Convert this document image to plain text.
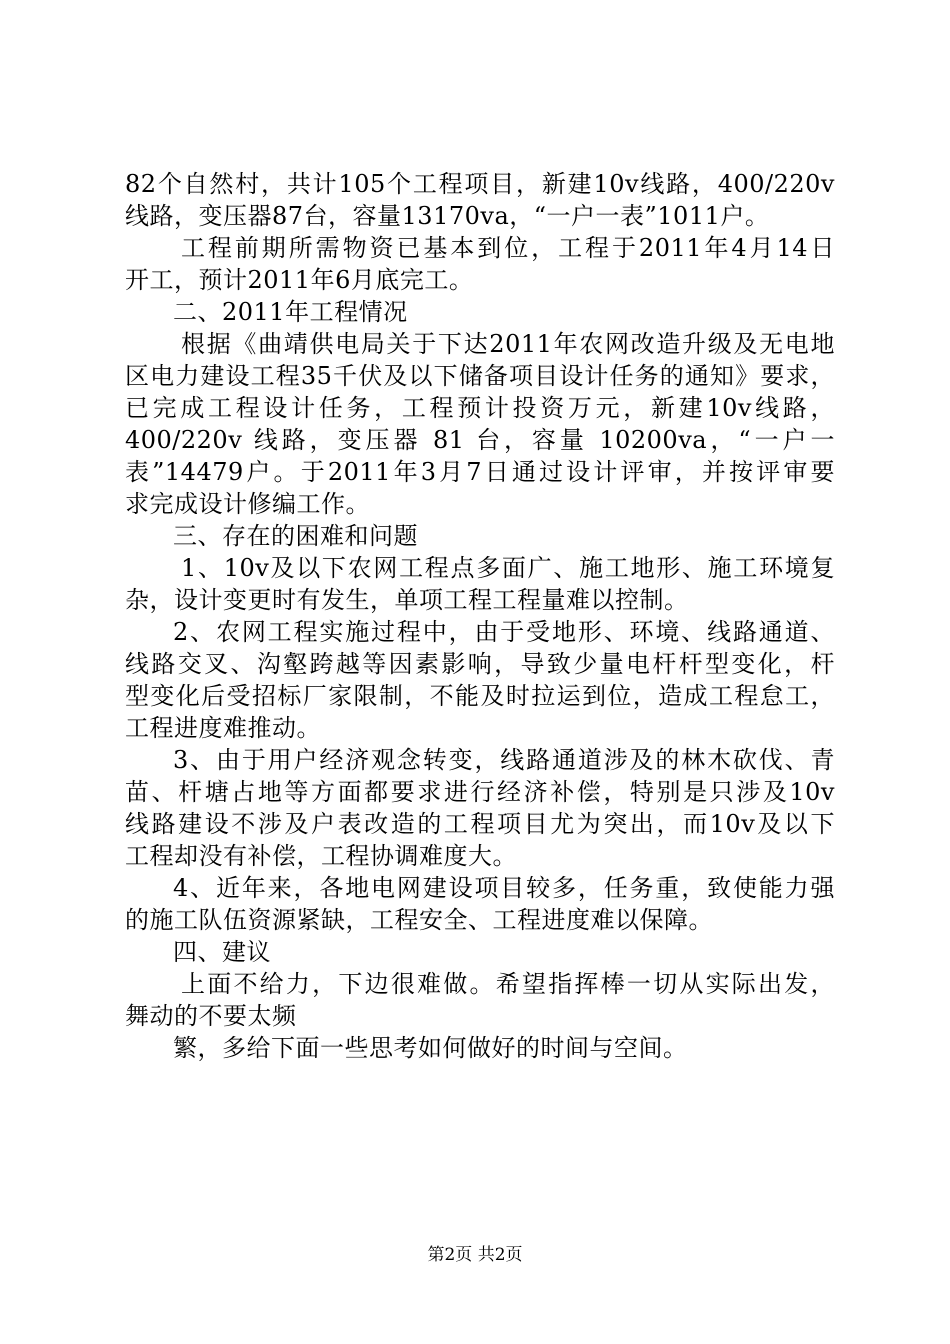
82个自然村，共计105个工程项目，新建10v线路，400/220v
线路，变压器87台，容量13170va，“一户一表”1011户。
工程前期所需物资已基本到位，工程于2011年4月14日
开工，预计2011年6月底完工。
二、2011年工程情况
根据《曲靖供电局关于下达2011年农网改造升级及无电地
区电力建设工程35千伏及以下储备项目设计任务的通知》要求，
已完成工程设计任务，工程预计投资万元，新建10v线路，
400/220v 线路，变压器 81 台，容量 10200va，“一户一
表”14479户。于2011年3月7日通过设计评审，并按评审要
求完成设计修编工作。
三、存在的困难和问题
1、10v及以下农网工程点多面广、施工地形、施工环境复
杂，设计变更时有发生，单项工程工程量难以控制。
2、农网工程实施过程中，由于受地形、环境、线路通道、
线路交叉、沟壑跨越等因素影响，导致少量电杆杆型变化，杆
型变化后受招标厂家限制，不能及时拉运到位，造成工程怠工，
工程进度难推动。
3、由于用户经济观念转变，线路通道涉及的林木砍伐、青
苗、杆塘占地等方面都要求进行经济补偿，特别是只涉及10v
线路建设不涉及户表改造的工程项目尤为突出，而10v及以下
工程却没有补偿，工程协调难度大。
4、近年来，各地电网建设项目较多，任务重，致使能力强
的施工队伍资源紧缺，工程安全、工程进度难以保障。
四、建议
上面不给力，下边很难做。希望指挥棒一切从实际出发，
舞动的不要太频
繁，多给下面一些思考如何做好的时间与空间。
第2页 共2页
